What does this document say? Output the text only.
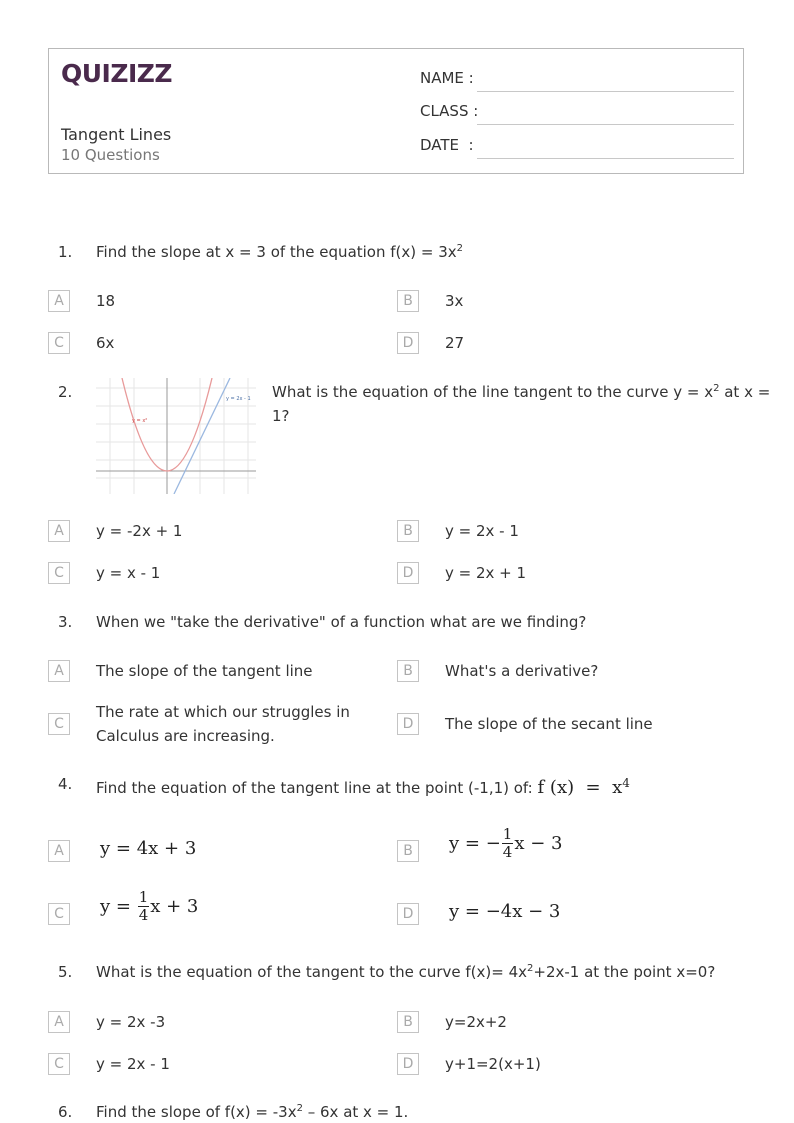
QUIZIZZ
Tangent Lines
10 Questions
NAME :
CLASS :
DATE  :
1. Find the slope at x = 3 of the equation $f(x) = 3x^2$
A	18	B	3x
C	6x	D	27
2.
y = x²
y = 2x - 1 What is the equation of the line tangent to the curve $y = x^2$ at x =
1?
A	y = -2x + 1	B	y = 2x - 1
C	y = x - 1	D	y = 2x + 1
3. When we "take the derivative" of a function what are we finding?
A	The slope of the tangent line	B	What's a derivative?
C
The rate at which our struggles in
Calculus are increasing.
D	The slope of the secant line
4. Find the equation of the tangent line at the point (-1,1) of: f $(x) = x^4$
A	y = 4x + 3	B	y = − $\frac{1}{4}$ x − 3
C	$y = \frac{1}{4}$ x + 3	D	y = −4x − 3
5. What is the equation of the tangent to the curve $f(x)= 4x^2+2x-1$ at the point x=0?
A	y = 2x -3	B	y=2x+2
C	y = 2x - 1	D	y+1=2(x+1)
6. Find the slope of $f(x) = -3x^2 - 6x$ at x = 1.
